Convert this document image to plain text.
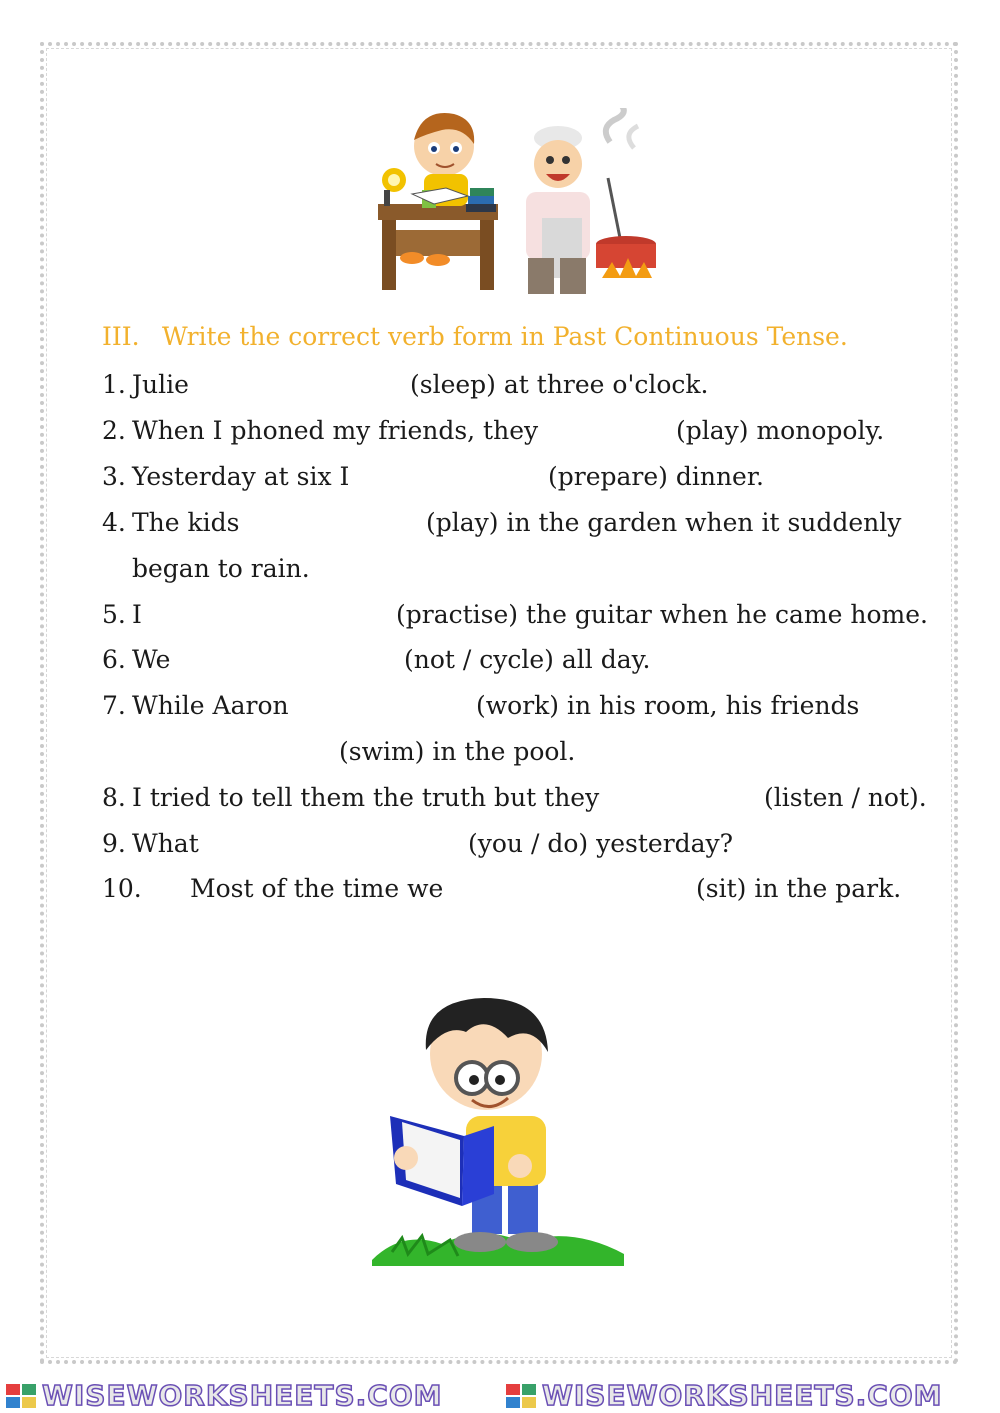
III. Write the correct verb form in Past Continuous Tense.
1. Julie	(sleep) at three o'clock.
2. When I phoned my friends, they	(play) monopoly.
3. Yesterday at six I	(prepare) dinner.
4. The kids	(play) in the garden when it suddenly
began to rain.
5. I	(practise) the guitar when he came home.
6. We	(not / cycle) all day.
7. While Aaron	(work) in his room, his friends
(swim) in the pool.
8. I tried to tell them the truth but they	(listen / not).
9. What	(you / do) yesterday?
10. Most of the time we	(sit) in the park.
WISEWORKSHEETS.COM	WISEWORKSHEETS.COM
